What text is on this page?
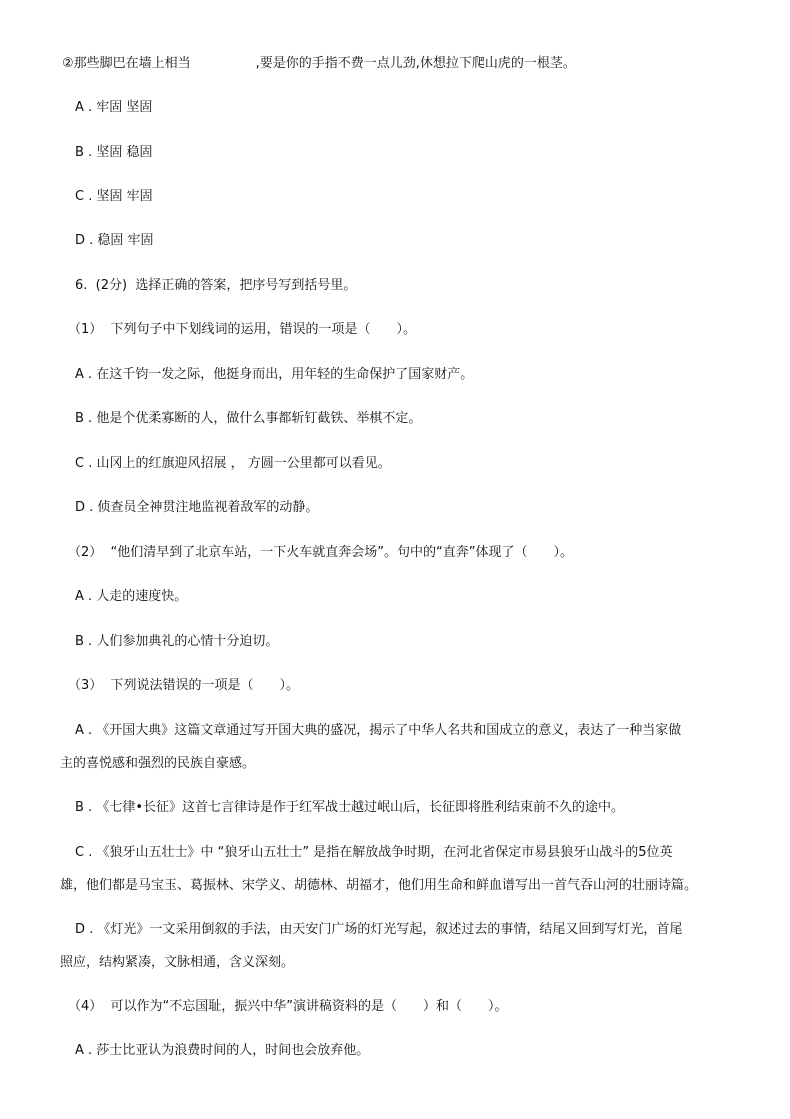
②那些脚巴在墙上相当　　　　　,要是你的手指不费一点儿劲,休想拉下爬山虎的一根茎。
A . 牢固 坚固
B . 坚固 稳固
C . 坚固 牢固
D . 稳固 牢固
6.  (2分)  选择正确的答案，把序号写到括号里。
（1）  下列句子中下划线词的运用，错误的一项是（　　）。
A . 在这千钧一发之际，他挺身而出，用年轻的生命保护了国家财产。
B . 他是个优柔寡断的人，做什么事都斩钉截铁、举棋不定。
C . 山冈上的红旗迎风招展 ， 方圆一公里都可以看见。
D . 侦查员全神贯注地监视着敌军的动静。
（2）  “他们清早到了北京车站，一下火车就直奔会场”。句中的“直奔”体现了（　　）。
A . 人走的速度快。
B . 人们参加典礼的心情十分迫切。
（3）  下列说法错误的一项是（　　）。
A . 《开国大典》这篇文章通过写开国大典的盛况，揭示了中华人名共和国成立的意义，表达了一种当家做
主的喜悦感和强烈的民族自豪感。
B . 《七律•长征》这首七言律诗是作于红军战士越过岷山后，长征即将胜利结束前不久的途中。
C . 《狼牙山五壮士》中 “狼牙山五壮士” 是指在解放战争时期，在河北省保定市易县狼牙山战斗的5位英
雄，他们都是马宝玉、葛振林、宋学义、胡德林、胡福才，他们用生命和鲜血谱写出一首气吞山河的壮丽诗篇。
D . 《灯光》一文采用倒叙的手法，由天安门广场的灯光写起，叙述过去的事情，结尾又回到写灯光，首尾
照应，结构紧凑，文脉相通，含义深刻。
（4）  可以作为“不忘国耻，振兴中华”演讲稿资料的是（　　）和（　　）。
A . 莎士比亚认为浪费时间的人，时间也会放弃他。
